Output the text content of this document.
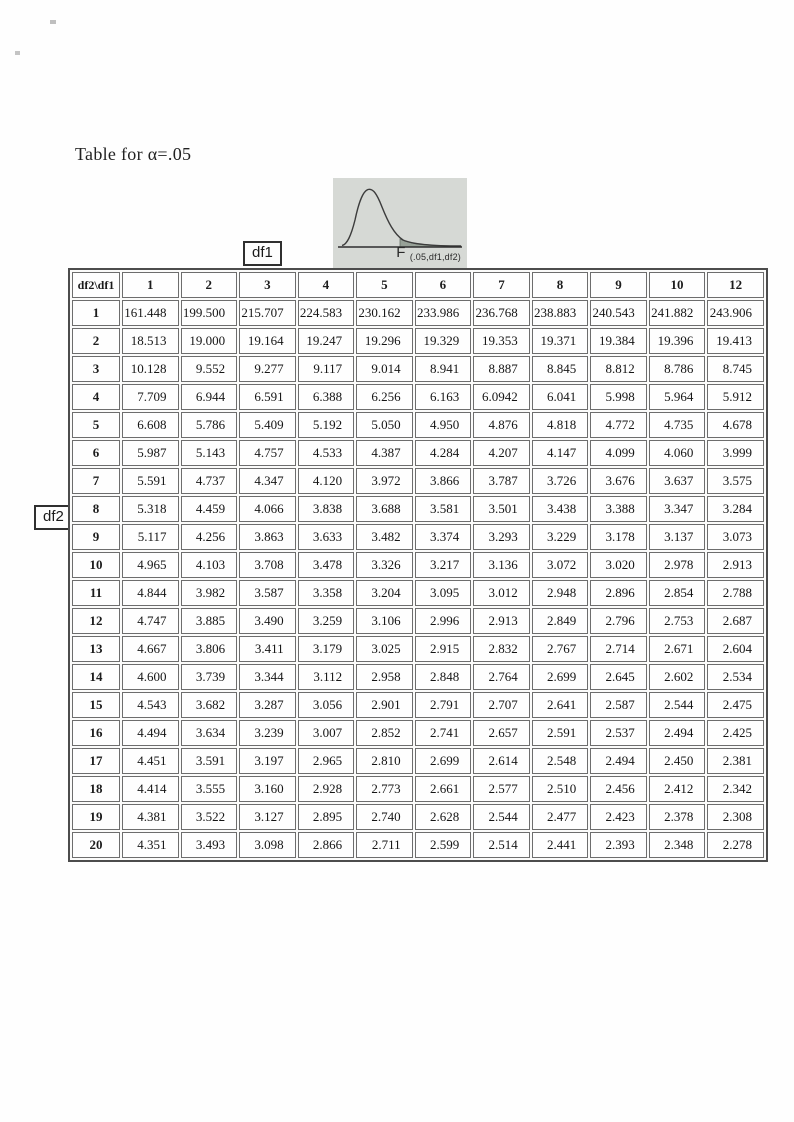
Table for α=.05
F $_{(.05,df1,df2)}$
df1
df2
df2\df1	1	2	3	4	5	6	7	8	9	10	12
1	161.448	199.500	215.707	224.583	230.162	233.986	236.768	238.883	240.543	241.882	243.906
2	18.513	19.000	19.164	19.247	19.296	19.329	19.353	19.371	19.384	19.396	19.413
3	10.128	9.552	9.277	9.117	9.014	8.941	8.887	8.845	8.812	8.786	8.745
4	7.709	6.944	6.591	6.388	6.256	6.163	6.0942	6.041	5.998	5.964	5.912
5	6.608	5.786	5.409	5.192	5.050	4.950	4.876	4.818	4.772	4.735	4.678
6	5.987	5.143	4.757	4.533	4.387	4.284	4.207	4.147	4.099	4.060	3.999
7	5.591	4.737	4.347	4.120	3.972	3.866	3.787	3.726	3.676	3.637	3.575
8	5.318	4.459	4.066	3.838	3.688	3.581	3.501	3.438	3.388	3.347	3.284
9	5.117	4.256	3.863	3.633	3.482	3.374	3.293	3.229	3.178	3.137	3.073
10	4.965	4.103	3.708	3.478	3.326	3.217	3.136	3.072	3.020	2.978	2.913
11	4.844	3.982	3.587	3.358	3.204	3.095	3.012	2.948	2.896	2.854	2.788
12	4.747	3.885	3.490	3.259	3.106	2.996	2.913	2.849	2.796	2.753	2.687
13	4.667	3.806	3.411	3.179	3.025	2.915	2.832	2.767	2.714	2.671	2.604
14	4.600	3.739	3.344	3.112	2.958	2.848	2.764	2.699	2.645	2.602	2.534
15	4.543	3.682	3.287	3.056	2.901	2.791	2.707	2.641	2.587	2.544	2.475
16	4.494	3.634	3.239	3.007	2.852	2.741	2.657	2.591	2.537	2.494	2.425
17	4.451	3.591	3.197	2.965	2.810	2.699	2.614	2.548	2.494	2.450	2.381
18	4.414	3.555	3.160	2.928	2.773	2.661	2.577	2.510	2.456	2.412	2.342
19	4.381	3.522	3.127	2.895	2.740	2.628	2.544	2.477	2.423	2.378	2.308
20	4.351	3.493	3.098	2.866	2.711	2.599	2.514	2.441	2.393	2.348	2.278
